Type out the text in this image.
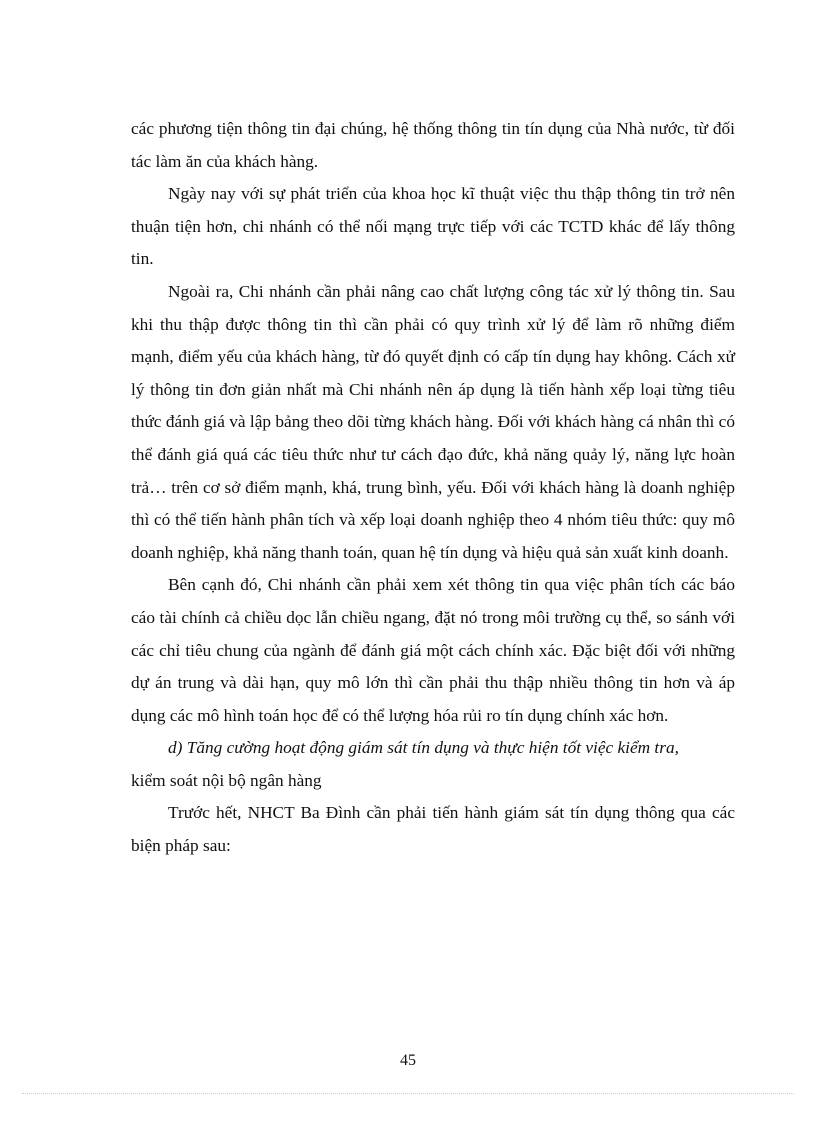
các phương tiện thông tin đại chúng, hệ thống thông tin tín dụng của Nhà nước, từ đối tác làm ăn của khách hàng.

Ngày nay với sự phát triển của khoa học kĩ thuật việc thu thập thông tin trở nên thuận tiện hơn, chi nhánh có thể nối mạng trực tiếp với các TCTD khác để lấy thông tin.

Ngoài ra, Chi nhánh cần phải nâng cao chất lượng công tác xử lý thông tin. Sau khi thu thập được thông tin thì cần phải có quy trình xử lý để làm rõ những điểm mạnh, điểm yếu của khách hàng, từ đó quyết định có cấp tín dụng hay không. Cách xử lý thông tin đơn giản nhất mà Chi nhánh nên áp dụng là tiến hành xếp loại từng tiêu thức đánh giá và lập bảng theo dõi từng khách hàng. Đối với khách hàng cá nhân thì có thể đánh giá quá các tiêu thức như tư cách đạo đức, khả năng quảy lý, năng lực hoàn trả… trên cơ sở điểm mạnh, khá, trung bình, yếu. Đối với khách hàng là doanh nghiệp thì có thể tiến hành phân tích và xếp loại doanh nghiệp theo 4 nhóm tiêu thức: quy mô doanh nghiệp, khả năng thanh toán, quan hệ tín dụng và hiệu quả sản xuất kinh doanh.

Bên cạnh đó, Chi nhánh cần phải xem xét thông tin qua việc phân tích các báo cáo tài chính cả chiều dọc lẫn chiều ngang, đặt nó trong môi trường cụ thể, so sánh với các chỉ tiêu chung của ngành để đánh giá một cách chính xác. Đặc biệt đối với những dự án trung và dài hạn, quy mô lớn thì cần phải thu thập nhiều thông tin hơn và áp dụng các mô hình toán học để có thể lượng hóa rủi ro tín dụng chính xác hơn.

d) Tăng cường hoạt động giám sát tín dụng và thực hiện tốt việc kiểm tra,

kiểm soát nội bộ ngân hàng

Trước hết, NHCT Ba Đình cần phải tiến hành giám sát tín dụng thông qua các biện pháp sau:

45
